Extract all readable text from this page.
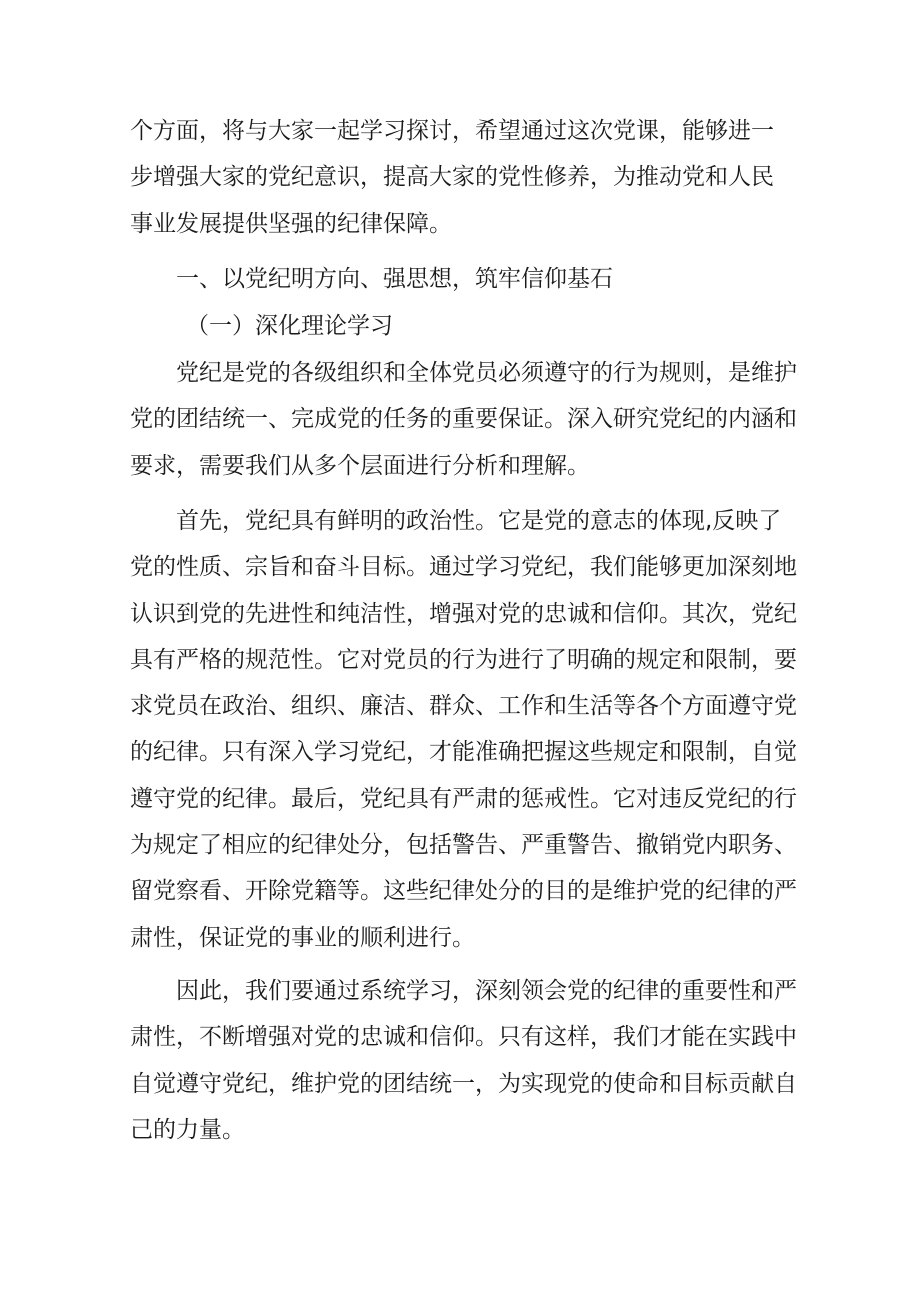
个方面，将与大家一起学习探讨，希望通过这次党课，能够进一
步增强大家的党纪意识，提高大家的党性修养，为推动党和人民
事业发展提供坚强的纪律保障。
一、以党纪明方向、强思想，筑牢信仰基石
（一）深化理论学习
党纪是党的各级组织和全体党员必须遵守的行为规则，是维护
党的团结统一、完成党的任务的重要保证。深入研究党纪的内涵和
要求，需要我们从多个层面进行分析和理解。
首先，党纪具有鲜明的政治性。它是党的意志的体现,反映了
党的性质、宗旨和奋斗目标。通过学习党纪，我们能够更加深刻地
认识到党的先进性和纯洁性，增强对党的忠诚和信仰。其次，党纪
具有严格的规范性。它对党员的行为进行了明确的规定和限制，要
求党员在政治、组织、廉洁、群众、工作和生活等各个方面遵守党
的纪律。只有深入学习党纪，才能准确把握这些规定和限制，自觉
遵守党的纪律。最后，党纪具有严肃的惩戒性。它对违反党纪的行
为规定了相应的纪律处分，包括警告、严重警告、撤销党内职务、
留党察看、开除党籍等。这些纪律处分的目的是维护党的纪律的严
肃性，保证党的事业的顺利进行。
因此，我们要通过系统学习，深刻领会党的纪律的重要性和严
肃性，不断增强对党的忠诚和信仰。只有这样，我们才能在实践中
自觉遵守党纪，维护党的团结统一，为实现党的使命和目标贡献自
己的力量。
